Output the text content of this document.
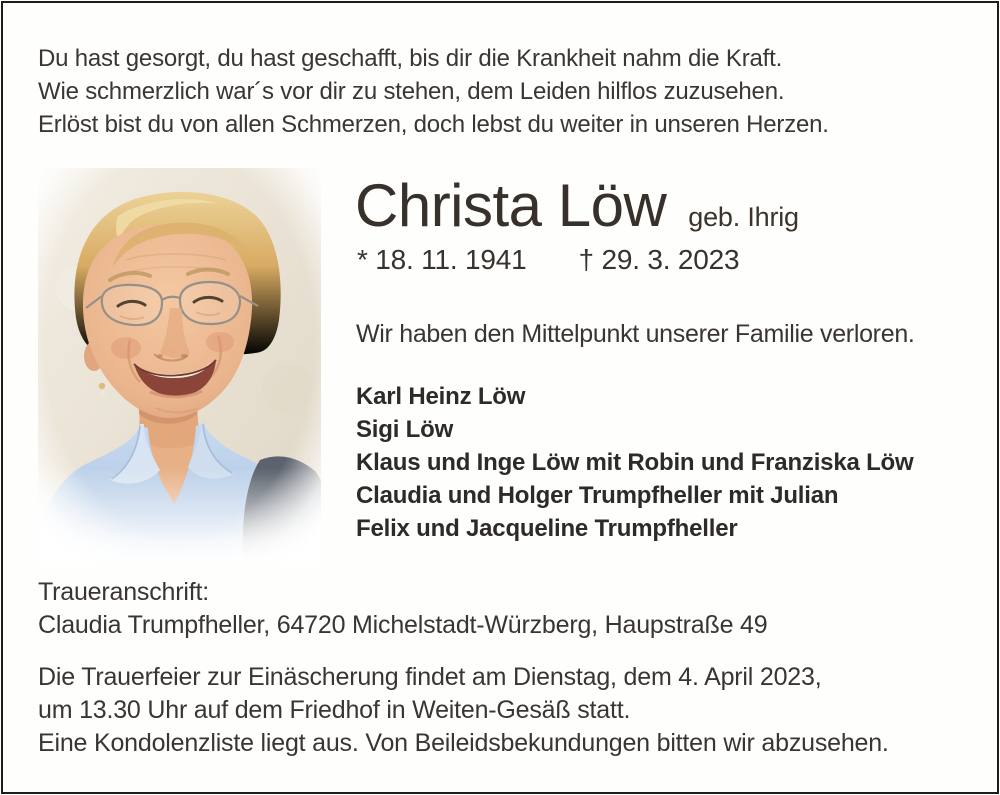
Du hast gesorgt, du hast geschafft, bis dir die Krankheit nahm die Kraft.

Wie schmerzlich war´s vor dir zu stehen, dem Leiden hilflos zuzusehen.

Erlöst bist du von allen Schmerzen, doch lebst du weiter in unseren Herzen.

Christa Löw geb. Ihrig
* 18. 11. 1941 † 29. 3. 2023

Wir haben den Mittelpunkt unserer Familie verloren.

Karl Heinz Löw

Sigi Löw

Klaus und Inge Löw mit Robin und Franziska Löw

Claudia und Holger Trumpfheller mit Julian

Felix und Jacqueline Trumpfheller

Traueranschrift:

Claudia Trumpfheller, 64720 Michelstadt-Würzberg, Haupstraße 49

Die Trauerfeier zur Einäscherung findet am Dienstag, dem 4. April 2023,

um 13.30 Uhr auf dem Friedhof in Weiten-Gesäß statt.

Eine Kondolenzliste liegt aus. Von Beileidsbekundungen bitten wir abzusehen.
